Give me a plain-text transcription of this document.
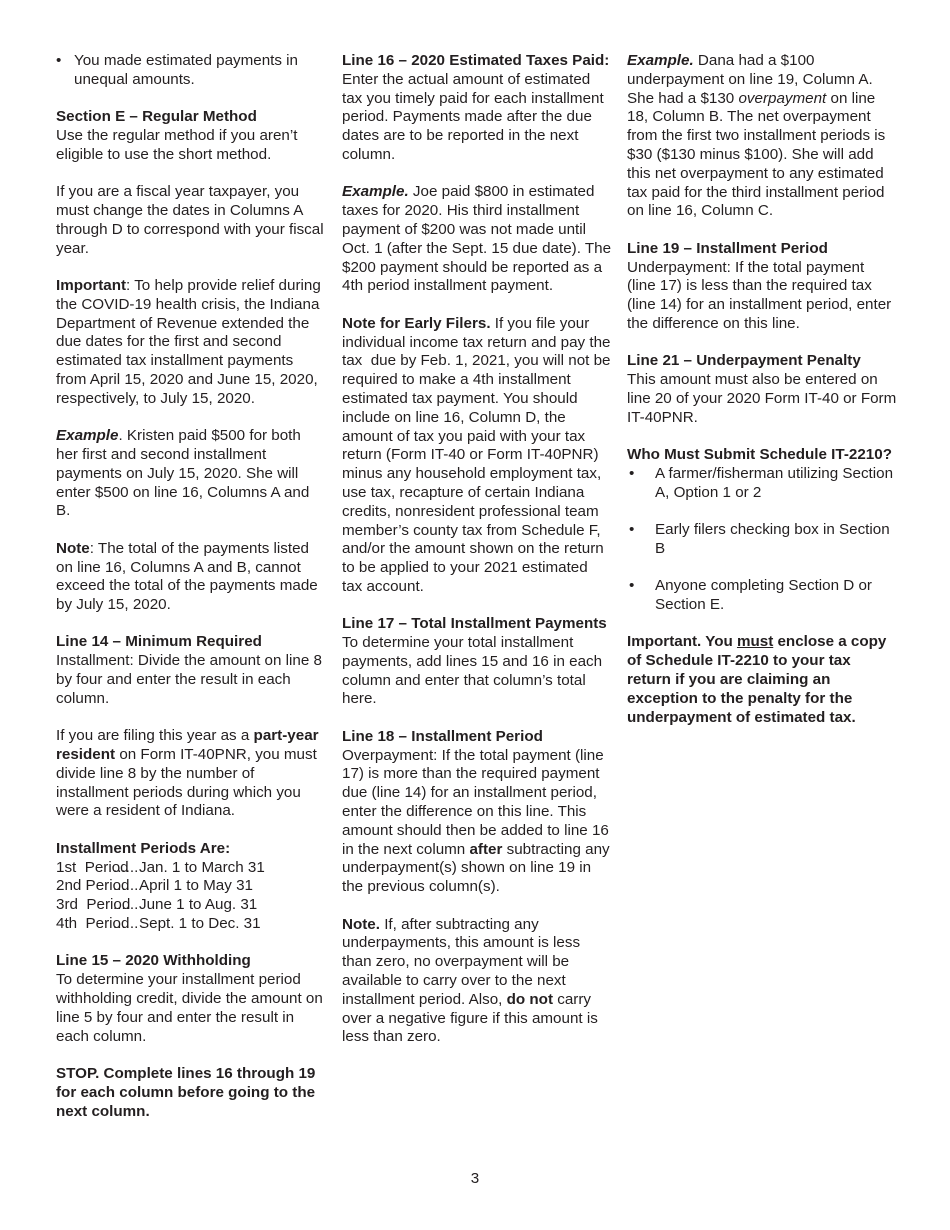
• You made estimated payments in unequal amounts.

Section E – Regular Method
Use the regular method if you aren’t eligible to use the short method.

If you are a fiscal year taxpayer, you must change the dates in Columns A through D to correspond with your fiscal year.

Important: To help provide relief during the COVID-19 health crisis, the Indiana Department of Revenue extended the due dates for the first and second estimated tax installment payments from April 15, 2020 and June 15, 2020, respectively, to July 15, 2020.

Example. Kristen paid $500 for both her first and second installment payments on July 15, 2020. She will enter $500 on line 16, Columns A and B.

Note: The total of the payments listed on line 16, Columns A and B, cannot exceed the total of the payments made by July 15, 2020.

Line 14 – Minimum Required
Installment: Divide the amount on line 8 by four and enter the result in each column.

If you are filing this year as a part-year resident on Form IT-40PNR, you must divide line 8 by the number of installment periods during which you were a resident of Indiana.

Installment Periods Are:
1st  Period ...... Jan. 1 to March 31
2nd Period ...... April 1 to May 31
3rd  Period ...... June 1 to Aug. 31
4th  Period ...... Sept. 1 to Dec. 31

Line 15 – 2020 Withholding
To determine your installment period withholding credit, divide the amount on line 5 by four and enter the result in each column.

STOP. Complete lines 16 through 19 for each column before going to the next column.

Line 16 – 2020 Estimated Taxes Paid: Enter the actual amount of estimated tax you timely paid for each installment period. Payments made after the due dates are to be reported in the next column.

Example. Joe paid $800 in estimated taxes for 2020. His third installment payment of $200 was not made until Oct. 1 (after the Sept. 15 due date). The $200 payment should be reported as a 4th period installment payment.

Note for Early Filers. If you file your individual income tax return and pay the tax  due by Feb. 1, 2021, you will not be required to make a 4th installment estimated tax payment. You should include on line 16, Column D, the amount of tax you paid with your tax return (Form IT-40 or Form IT-40PNR) minus any household employment tax, use tax, recapture of certain Indiana credits, nonresident professional team member’s county tax from Schedule F, and/or the amount shown on the return to be applied to your 2021 estimated tax account.

Line 17 – Total Installment Payments
To determine your total installment payments, add lines 15 and 16 in each column and enter that column’s total here.

Line 18 – Installment Period
Overpayment: If the total payment (line 17) is more than the required payment due (line 14) for an installment period, enter the difference on this line. This amount should then be added to line 16 in the next column after subtracting any underpayment(s) shown on line 19 in the previous column(s).

Note. If, after subtracting any underpayments, this amount is less than zero, no overpayment will be available to carry over to the next installment period. Also, do not carry over a negative figure if this amount is less than zero.

Example. Dana had a $100 underpayment on line 19, Column A. She had a $130 overpayment on line 18, Column B. The net overpayment from the first two installment periods is $30 ($130 minus $100). She will add this net overpayment to any estimated tax paid for the third installment period on line 16, Column C.

Line 19 – Installment Period
Underpayment: If the total payment (line 17) is less than the required tax (line 14) for an installment period, enter the difference on this line.

Line 21 – Underpayment Penalty
This amount must also be entered on line 20 of your 2020 Form IT-40 or Form IT-40PNR.

Who Must Submit Schedule IT-2210?
• A farmer/fisherman utilizing Section A, Option 1 or 2
• Early filers checking box in Section B
• Anyone completing Section D or Section E.

Important. You must enclose a copy of Schedule IT-2210 to your tax return if you are claiming an exception to the penalty for the underpayment of estimated tax.

3
